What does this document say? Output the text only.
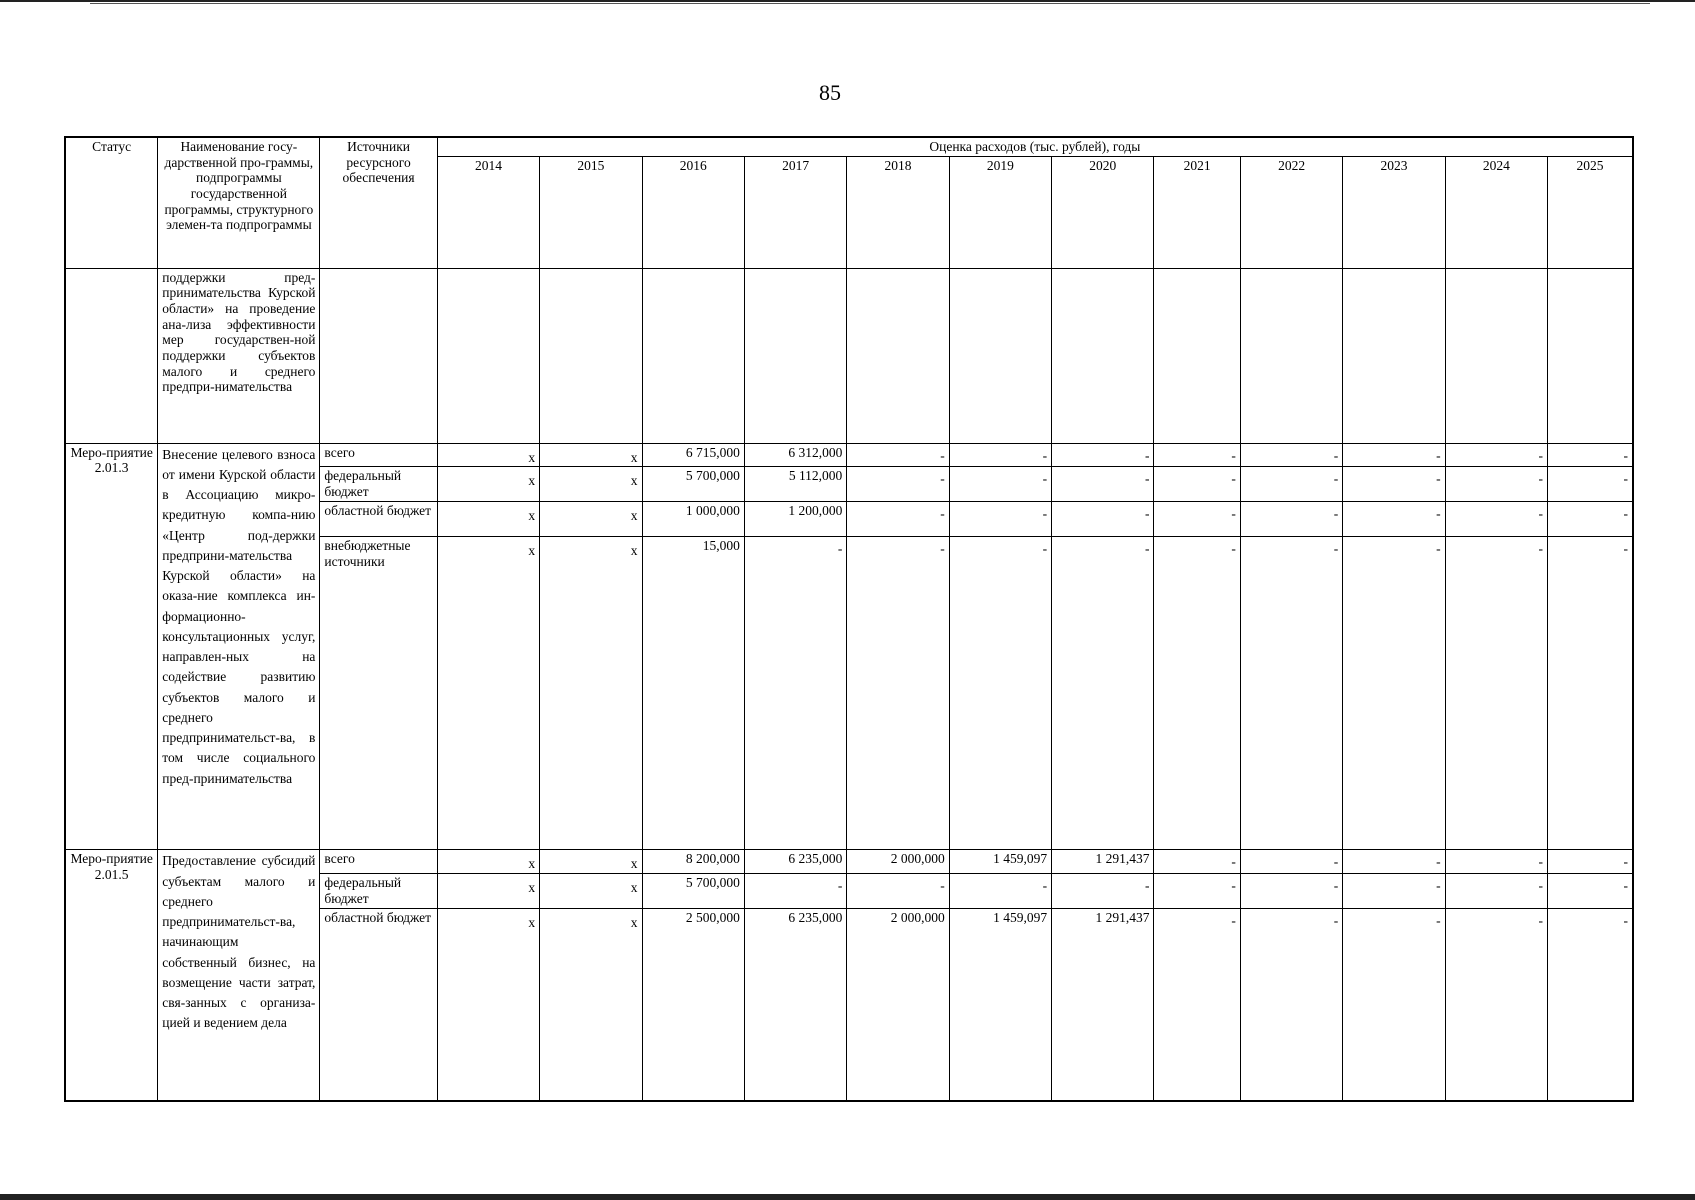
85
Статус	Наименование госу-дарственной про-граммы, подпрограммы государственной программы, структурного элемен-та подпрограммы	Источники ресурсного обеспечения	Оценка расходов (тыс. рублей), годы											
			2014	2015	2016	2017	2018	2019	2020	2021	2022	2023	2024	2025
	поддержки пред-принимательства Курской области» на проведение ана-лиза эффективности мер государствен-ной поддержки субъектов малого и среднего предпри-нимательства													
Меро-приятие 2.01.3	Внесение целевого взноса от имени Курской области в Ассоциацию микро-кредитную компа-нию «Центр под-держки предприни-мательства Курской области» на оказа-ние комплекса ин-формационно-консультационных услуг, направлен-ных на содействие развитию субъектов малого и среднего предпринимательст-ва, в том числе социального пред-принимательства	всего	x	x	6 715,000	6 312,000	-	-	-	-	-	-	-	-
		федеральный бюджет	x	x	5 700,000	5 112,000	-	-	-	-	-	-	-	-
		областной бюджет	x	x	1 000,000	1 200,000	-	-	-	-	-	-	-	-
		внебюджетные источники	x	x	15,000	-	-	-	-	-	-	-	-	-
Меро-приятие 2.01.5	Предоставление субсидий субъектам малого и среднего предпринимательст-ва, начинающим собственный бизнес, на возмещение части затрат, свя-занных с организа-цией и ведением дела	всего	x	x	8 200,000	6 235,000	2 000,000	1 459,097	1 291,437	-	-	-	-	-
		федеральный бюджет	x	x	5 700,000	-	-	-	-	-	-	-	-	-
		областной бюджет	x	x	2 500,000	6 235,000	2 000,000	1 459,097	1 291,437	-	-	-	-	-
